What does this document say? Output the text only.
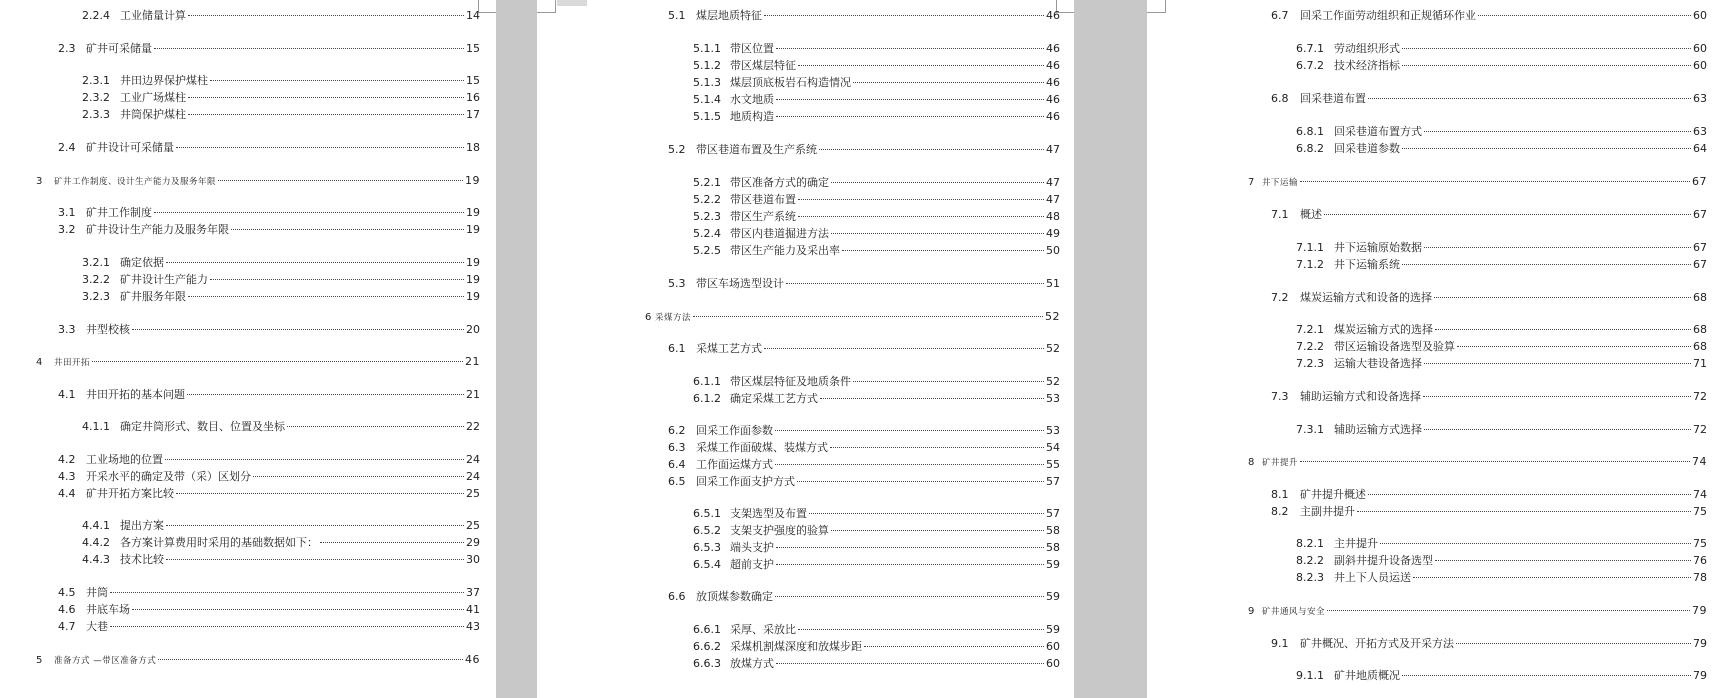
2.2.4 工业储量计算	14
2.3 矿井可采储量	15
2.3.1 井田边界保护煤柱	15
2.3.2 工业广场煤柱	16
2.3.3 井筒保护煤柱	17
2.4 矿井设计可采储量	18
3	矿井工作制度、设计生产能力及服务年限	19
3.1 矿井工作制度	19
3.2 矿井设计生产能力及服务年限	19
3.2.1 确定依据	19
3.2.2 矿井设计生产能力	19
3.2.3 矿井服务年限	19
3.3 井型校核	20
4	井田开拓	21
4.1 井田开拓的基本问题	21
4.1.1 确定井筒形式、数目、位置及坐标	22
4.2 工业场地的位置	24
4.3 开采水平的确定及带（采）区划分	24
4.4 矿井开拓方案比较	25
4.4.1 提出方案	25
4.4.2 各方案计算费用时采用的基础数据如下：	29
4.4.3 技术比较	30
4.5 井筒	37
4.6 井底车场	41
4.7 大巷	43
5	准备方式 —带区准备方式	46
5.1 煤层地质特征	46
5.1.1 带区位置	46
5.1.2 带区煤层特征	46
5.1.3 煤层顶底板岩石构造情况	46
5.1.4 水文地质	46
5.1.5 地质构造	46
5.2 带区巷道布置及生产系统	47
5.2.1 带区准备方式的确定	47
5.2.2 带区巷道布置	47
5.2.3 带区生产系统	48
5.2.4 带区内巷道掘进方法	49
5.2.5 带区生产能力及采出率	50
5.3 带区车场选型设计	51
6 采煤方法	52
6.1 采煤工艺方式	52
6.1.1 带区煤层特征及地质条件	52
6.1.2 确定采煤工艺方式	53
6.2 回采工作面参数	53
6.3 采煤工作面破煤、装煤方式	54
6.4 工作面运煤方式	55
6.5 回采工作面支护方式	57
6.5.1 支架选型及布置	57
6.5.2 支架支护强度的验算	58
6.5.3 端头支护	58
6.5.4 超前支护	59
6.6 放顶煤参数确定	59
6.6.1 采厚、采放比	59
6.6.2 采煤机割煤深度和放煤步距	60
6.6.3 放煤方式	60
6.7	回采工作面劳动组织和正规循环作业	60
6.7.1 劳动组织形式	60
6.7.2 技术经济指标	60
6.8	回采巷道布置	63
6.8.1 回采巷道布置方式	63
6.8.2 回采巷道参数	64
7 井下运输	67
7.1	概述	67
7.1.1 井下运输原始数据	67
7.1.2 井下运输系统	67
7.2	煤炭运输方式和设备的选择	68
7.2.1 煤炭运输方式的选择	68
7.2.2 带区运输设备选型及验算	68
7.2.3 运输大巷设备选择	71
7.3	辅助运输方式和设备选择	72
7.3.1 辅助运输方式选择	72
8 矿井提升	74
8.1	矿井提升概述	74
8.2	主副井提升	75
8.2.1 主井提升	75
8.2.2 副斜井提升设备选型	76
8.2.3 井上下人员运送	78
9 矿井通风与安全	79
9.1	矿井概况、开拓方式及开采方法	79
9.1.1 矿井地质概况	79
